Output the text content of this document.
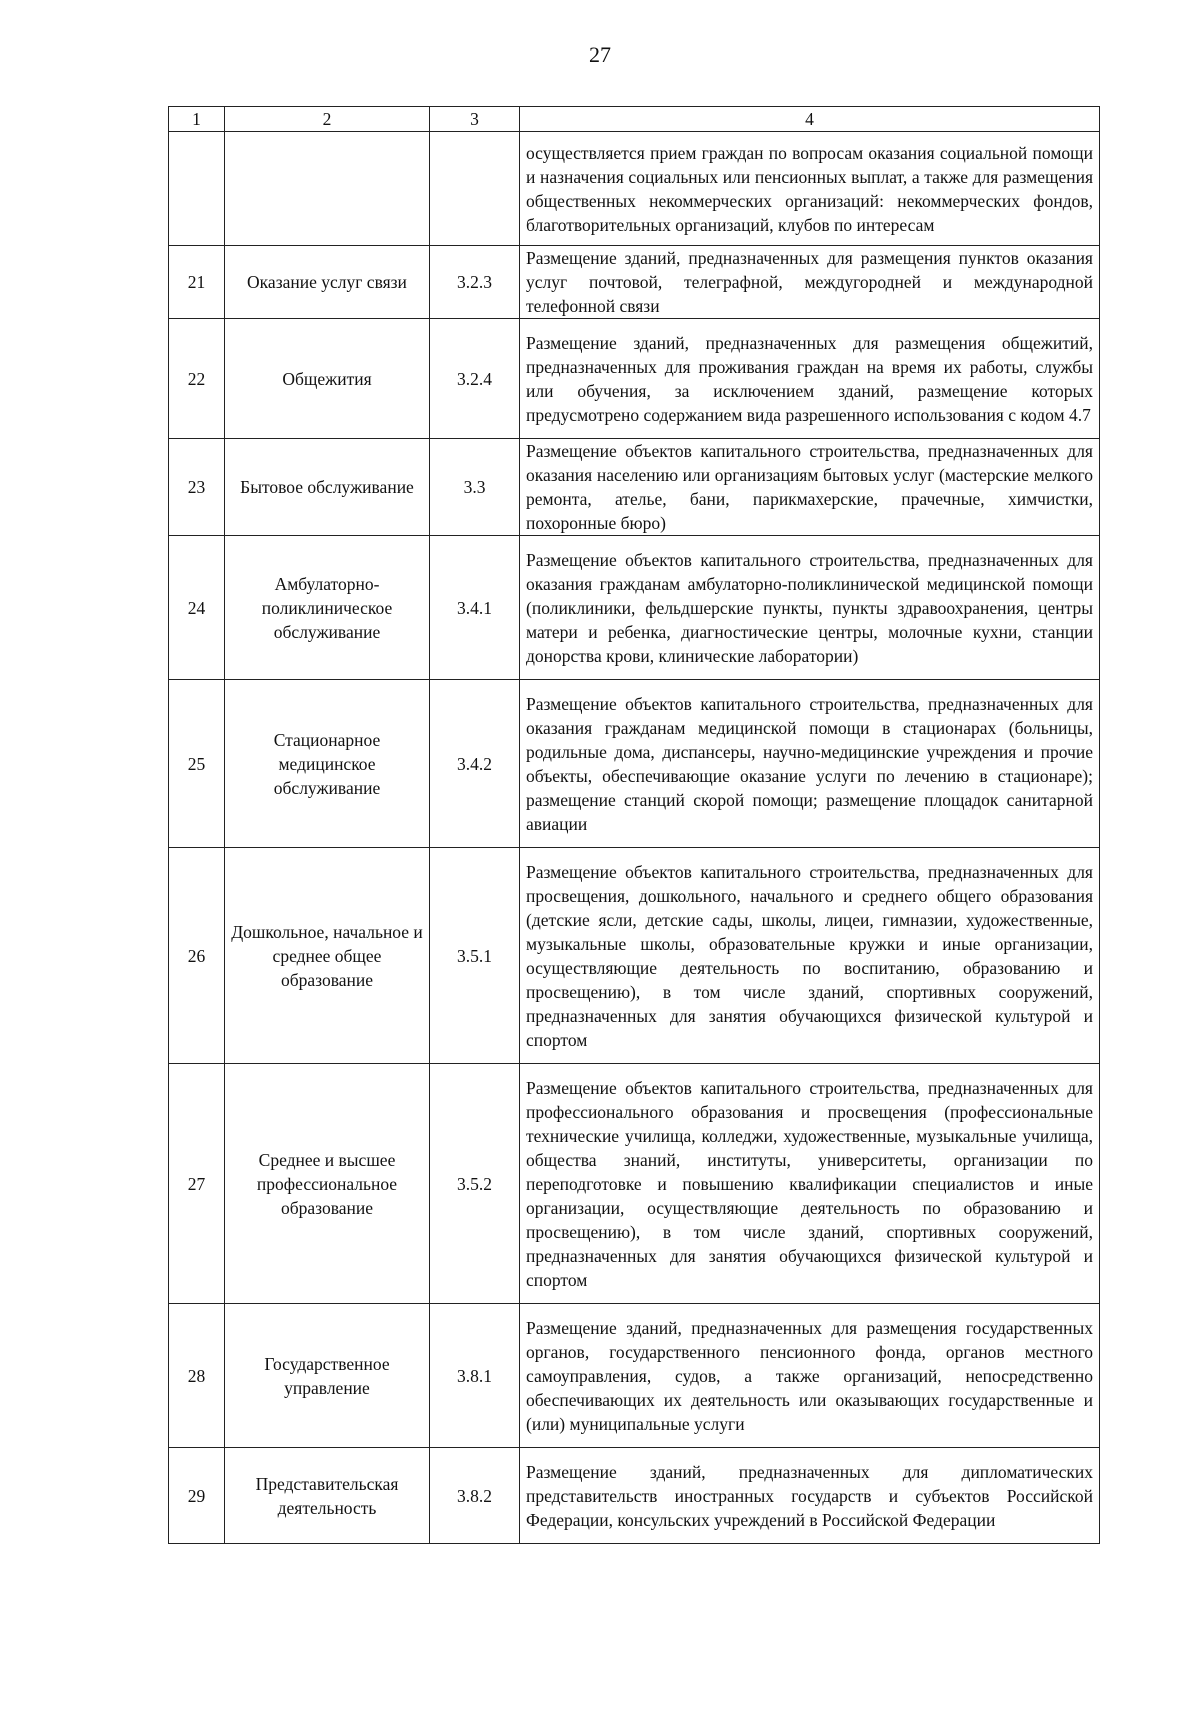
27
1	2	3	4
			осуществляется прием граждан по вопросам оказания социальной помощи и назначения социальных или пенсионных выплат, а также для размещения общественных некоммерческих организаций: некоммерческих фондов, благотворительных организаций, клубов по интересам
21	Оказание услуг связи	3.2.3	Размещение зданий, предназначенных для размещения пунктов оказания услуг почтовой, телеграфной, междугородней и международной телефонной связи
22	Общежития	3.2.4	Размещение зданий, предназначенных для размещения общежитий, предназначенных для проживания граждан на время их работы, службы или обучения, за исключением зданий, размещение которых предусмотрено содержанием вида разрешенного использования с кодом 4.7
23	Бытовое обслуживание	3.3	Размещение объектов капитального строительства, предназначенных для оказания населению или организациям бытовых услуг (мастерские мелкого ремонта, ателье, бани, парикмахерские, прачечные, химчистки, похоронные бюро)
24	Амбулаторно-поликлиническое обслуживание	3.4.1	Размещение объектов капитального строительства, предназначенных для оказания гражданам амбулаторно-поликлинической медицинской помощи (поликлиники, фельдшерские пункты, пункты здравоохранения, центры матери и ребенка, диагностические центры, молочные кухни, станции донорства крови, клинические лаборатории)
25	Стационарное медицинское обслуживание	3.4.2	Размещение объектов капитального строительства, предназначенных для оказания гражданам медицинской помощи в стационарах (больницы, родильные дома, диспансеры, научно-медицинские учреждения и прочие объекты, обеспечивающие оказание услуги по лечению в стационаре); размещение станций скорой помощи; размещение площадок санитарной авиации
26	Дошкольное, начальное и среднее общее образование	3.5.1	Размещение объектов капитального строительства, предназначенных для просвещения, дошкольного, начального и среднего общего образования (детские ясли, детские сады, школы, лицеи, гимназии, художественные, музыкальные школы, образовательные кружки и иные организации, осуществляющие деятельность по воспитанию, образованию и просвещению), в том числе зданий, спортивных сооружений, предназначенных для занятия обучающихся физической культурой и спортом
27	Среднее и высшее профессиональное образование	3.5.2	Размещение объектов капитального строительства, предназначенных для профессионального образования и просвещения (профессиональные технические училища, колледжи, художественные, музыкальные училища, общества знаний, институты, университеты, организации по переподготовке и повышению квалификации специалистов и иные организации, осуществляющие деятельность по образованию и просвещению), в том числе зданий, спортивных сооружений, предназначенных для занятия обучающихся физической культурой и спортом
28	Государственное управление	3.8.1	Размещение зданий, предназначенных для размещения государственных органов, государственного пенсионного фонда, органов местного самоуправления, судов, а также организаций, непосредственно обеспечивающих их деятельность или оказывающих государственные и (или) муниципальные услуги
29	Представительская деятельность	3.8.2	Размещение зданий, предназначенных для дипломатических представительств иностранных государств и субъектов Российской Федерации, консульских учреждений в Российской Федерации
